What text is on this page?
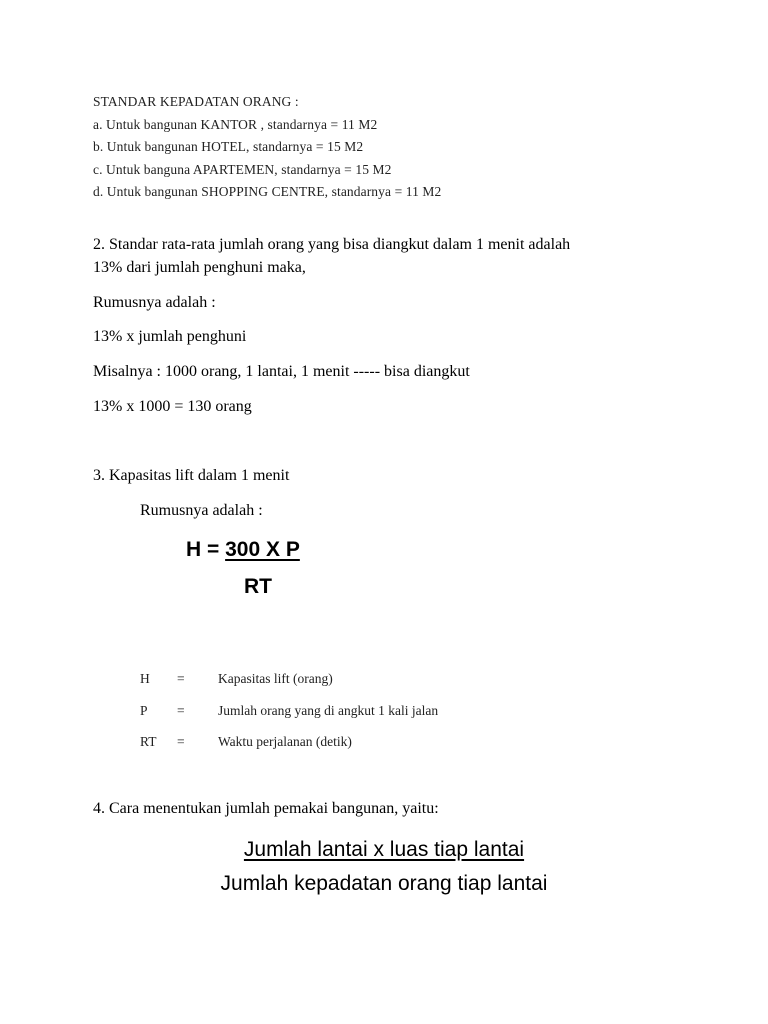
STANDAR KEPADATAN ORANG :
a. Untuk bangunan KANTOR , standarnya = 11 M2
b. Untuk bangunan HOTEL, standarnya = 15 M2
c. Untuk banguna APARTEMEN, standarnya = 15 M2
d. Untuk bangunan SHOPPING CENTRE, standarnya = 11 M2
2. Standar rata-rata jumlah orang yang bisa diangkut dalam 1 menit adalah
13% dari jumlah penghuni maka,
Rumusnya adalah :
13% x jumlah penghuni
Misalnya : 1000 orang, 1 lantai, 1 menit ----- bisa diangkut
13% x 1000 = 130 orang
3. Kapasitas lift dalam 1 menit
Rumusnya adalah :
H = 300 X P
RT
H = Kapasitas lift (orang)
P = Jumlah orang yang di angkut 1 kali jalan
RT = Waktu perjalanan (detik)
4. Cara menentukan jumlah pemakai bangunan, yaitu:
Jumlah lantai x luas tiap lantai
Jumlah kepadatan orang tiap lantai
